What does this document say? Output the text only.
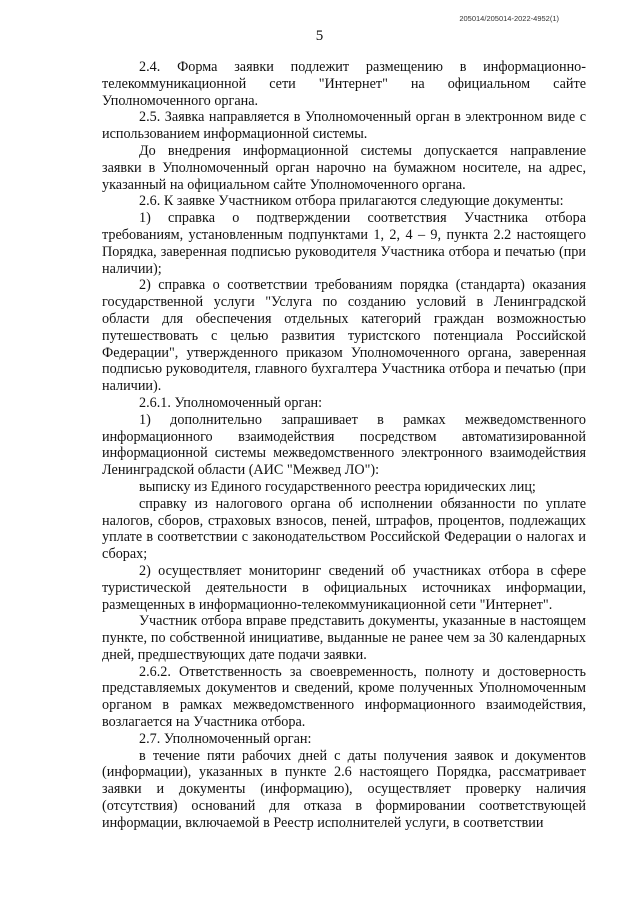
205014/205014-2022-4952(1)
5

2.4. Форма заявки подлежит размещению в информационно-телекоммуникационной сети "Интернет" на официальном сайте Уполномоченного органа.

2.5. Заявка направляется в Уполномоченный орган в электронном виде с использованием информационной системы.

До внедрения информационной системы допускается направление заявки в Уполномоченный орган нарочно на бумажном носителе, на адрес, указанный на официальном сайте Уполномоченного органа.

2.6. К заявке Участником отбора прилагаются следующие документы:

1) справка о подтверждении соответствия Участника отбора требованиям, установленным подпунктами 1, 2, 4 – 9, пункта 2.2 настоящего Порядка, заверенная подписью руководителя Участника отбора и печатью (при наличии);

2) справка о соответствии требованиям порядка (стандарта) оказания государственной услуги "Услуга по созданию условий в Ленинградской области для обеспечения отдельных категорий граждан возможностью путешествовать с целью развития туристского потенциала Российской Федерации", утвержденного приказом Уполномоченного органа, заверенная подписью руководителя, главного бухгалтера Участника отбора и печатью (при наличии).

2.6.1. Уполномоченный орган:

1) дополнительно запрашивает в рамках межведомственного информационного взаимодействия посредством автоматизированной информационной системы межведомственного электронного взаимодействия Ленинградской области (АИС "Межвед ЛО"):

выписку из Единого государственного реестра юридических лиц;

справку из налогового органа об исполнении обязанности по уплате налогов, сборов, страховых взносов, пеней, штрафов, процентов, подлежащих уплате в соответствии с законодательством Российской Федерации о налогах и сборах;

2) осуществляет мониторинг сведений об участниках отбора в сфере туристической деятельности в официальных источниках информации, размещенных в информационно-телекоммуникационной сети "Интернет".

Участник отбора вправе представить документы, указанные в настоящем пункте, по собственной инициативе, выданные не ранее чем за 30 календарных дней, предшествующих дате подачи заявки.

2.6.2. Ответственность за своевременность, полноту и достоверность представляемых документов и сведений, кроме полученных Уполномоченным органом в рамках межведомственного информационного взаимодействия, возлагается на Участника отбора.

2.7. Уполномоченный орган:

в течение пяти рабочих дней с даты получения заявок и документов (информации), указанных в пункте 2.6 настоящего Порядка, рассматривает заявки и документы (информацию), осуществляет проверку наличия (отсутствия) оснований для отказа в формировании соответствующей информации, включаемой в Реестр исполнителей услуги, в соответствии
